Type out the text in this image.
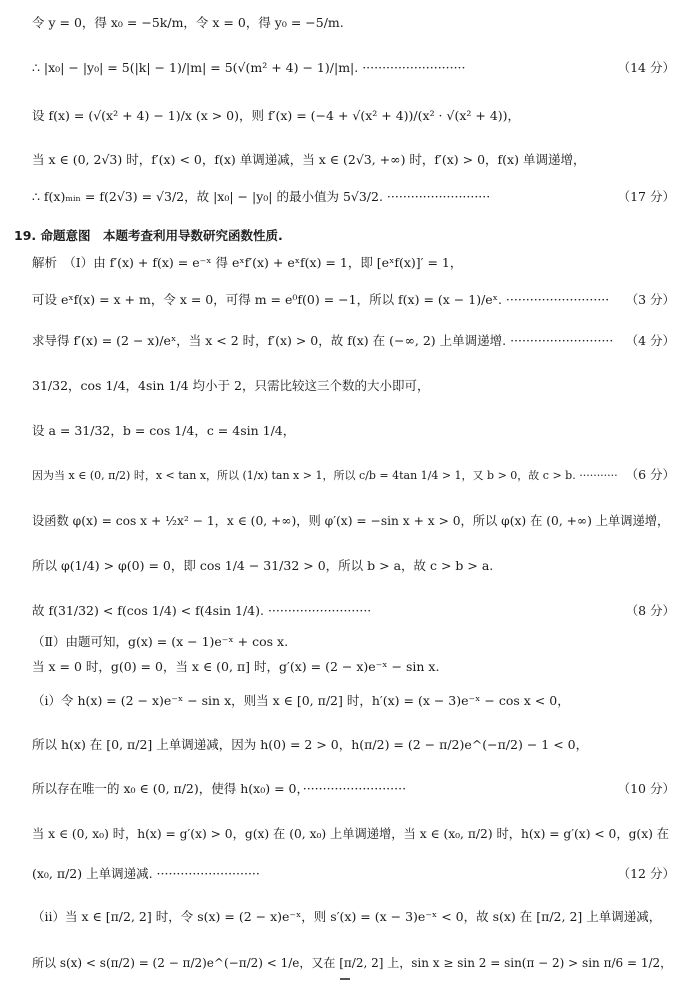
令 y = 0，得 x₀ = −5k/m，令 x = 0，得 y₀ = −5/m.
∴ |x₀| − |y₀| = 5(|k| − 1)/|m| = 5(√(m² + 4) − 1)/|m|. ··························	（14 分）
设 f(x) = (√(x² + 4) − 1)/x (x > 0)，则 f′(x) = (−4 + √(x² + 4))/(x² · √(x² + 4))，
当 x ∈ (0, 2√3) 时，f′(x) < 0，f(x) 单调递减，当 x ∈ (2√3, +∞) 时，f′(x) > 0，f(x) 单调递增，
∴ f(x)ₘᵢₙ = f(2√3) = √3/2，故 |x₀| − |y₀| 的最小值为 5√3/2. ··························	（17 分）
19. 命题意图　本题考查利用导数研究函数性质.
解析　（Ⅰ）由 f′(x) + f(x) = e⁻ˣ 得 eˣf′(x) + eˣf(x) = 1，即 [eˣf(x)]′ = 1，
可设 eˣf(x) = x + m，令 x = 0，可得 m = e⁰f(0) = −1，所以 f(x) = (x − 1)/eˣ. ··························	（3 分）
求导得 f′(x) = (2 − x)/eˣ，当 x < 2 时，f′(x) > 0，故 f(x) 在 (−∞, 2) 上单调递增. ·························· （4 分）
31/32，cos 1/4，4sin 1/4 均小于 2，只需比较这三个数的大小即可，
设 a = 31/32，b = cos 1/4，c = 4sin 1/4，
因为当 x ∈ (0, π/2) 时，x < tan x，所以 (1/x) tan x > 1，所以 c/b = 4tan 1/4 > 1，又 b > 0，故 c > b. ··········· （6 分）
设函数 φ(x) = cos x + ½x² − 1，x ∈ (0, +∞)，则 φ′(x) = −sin x + x > 0，所以 φ(x) 在 (0, +∞) 上单调递增，
所以 φ(1/4) > φ(0) = 0，即 cos 1/4 − 31/32 > 0，所以 b > a，故 c > b > a.
故 f(31/32) < f(cos 1/4) < f(4sin 1/4). ··························	（8 分）
（Ⅱ）由题可知，g(x) = (x − 1)e⁻ˣ + cos x.
当 x = 0 时，g(0) = 0，当 x ∈ (0, π] 时，g′(x) = (2 − x)e⁻ˣ − sin x.
（ⅰ）令 h(x) = (2 − x)e⁻ˣ − sin x，则当 x ∈ [0, π/2] 时，h′(x) = (x − 3)e⁻ˣ − cos x < 0，
所以 h(x) 在 [0, π/2] 上单调递减，因为 h(0) = 2 > 0，h(π/2) = (2 − π/2)e^(−π/2) − 1 < 0，
所以存在唯一的 x₀ ∈ (0, π/2)，使得 h(x₀) = 0，··························	（10 分）
当 x ∈ (0, x₀) 时，h(x) = g′(x) > 0，g(x) 在 (0, x₀) 上单调递增，当 x ∈ (x₀, π/2) 时，h(x) = g′(x) < 0，g(x) 在
(x₀, π/2) 上单调递减. ··························	（12 分）
（ⅱ）当 x ∈ [π/2, 2] 时，令 s(x) = (2 − x)e⁻ˣ，则 s′(x) = (x − 3)e⁻ˣ < 0，故 s(x) 在 [π/2, 2] 上单调递减，
所以 s(x) < s(π/2) = (2 − π/2)e^(−π/2) < 1/e，又在 [π/2, 2] 上，sin x ≥ sin 2 = sin(π − 2) > sin π/6 = 1/2，
